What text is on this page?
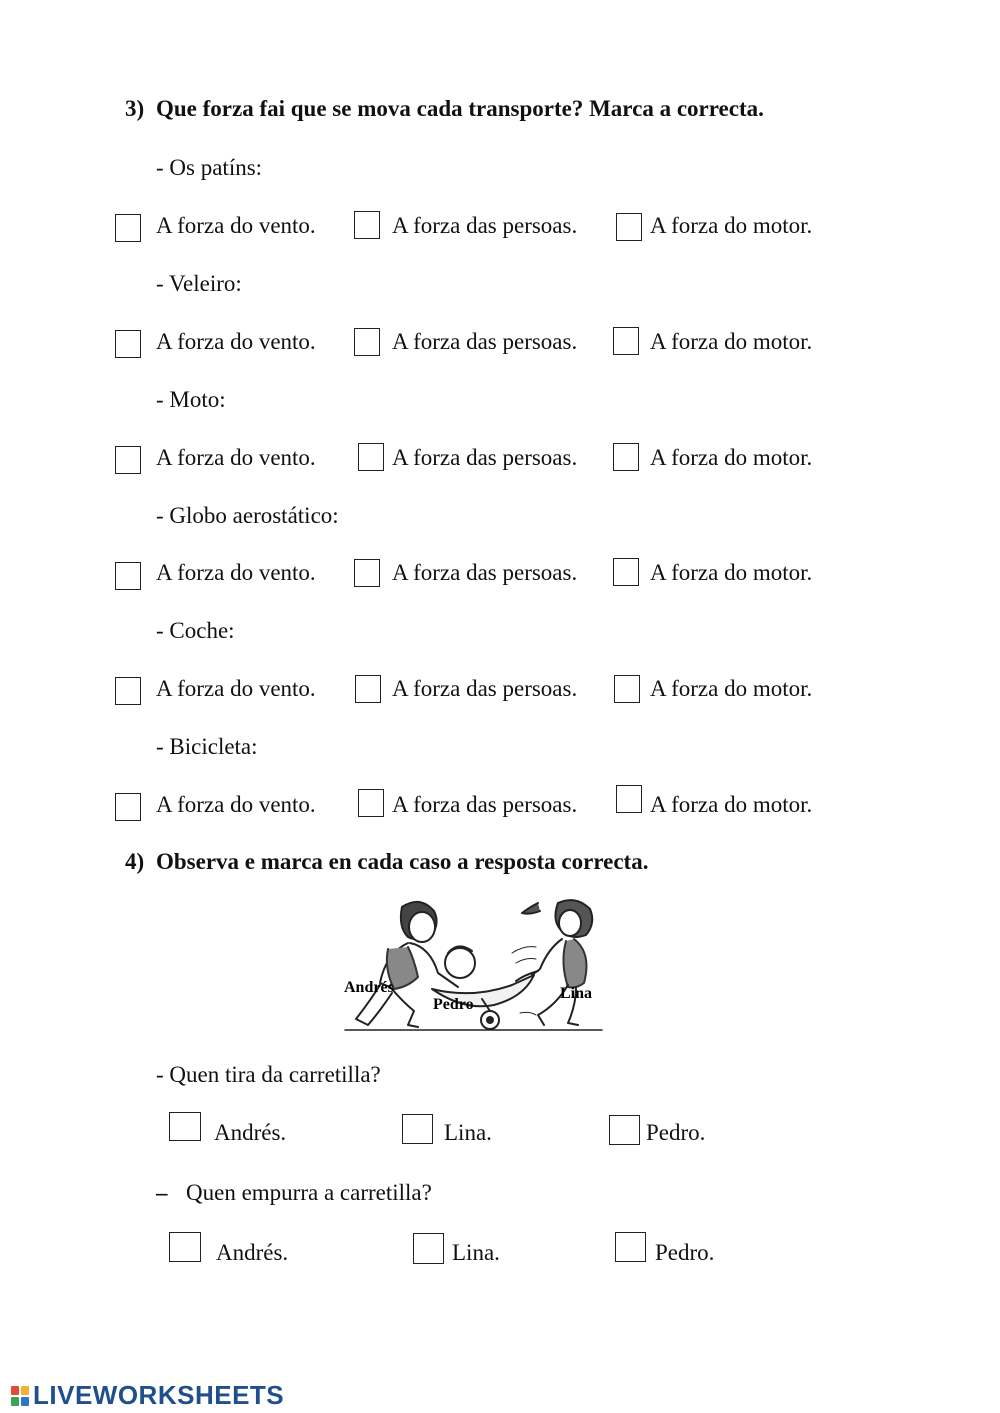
3) Que forza fai que se mova cada transporte? Marca a correcta.
- Os patíns:
A forza do vento.	A forza das persoas.	A forza do motor.
- Veleiro:
A forza do vento.	A forza das persoas.	A forza do motor.
- Moto:
A forza do vento.	A forza das persoas.	A forza do motor.
- Globo aerostático:
A forza do vento.	A forza das persoas.	A forza do motor.
- Coche:
A forza do vento.	A forza das persoas.	A forza do motor.
- Bicicleta:
A forza do vento.	A forza das persoas.	A forza do motor.
4) Observa e marca en cada caso a resposta correcta.
Andrés
Pedro
Lina
- Quen tira da carretilla?
Andrés.	Lina.	Pedro.
– Quen empurra a carretilla?
Andrés.	Lina.	Pedro.
LIVEWORKSHEETS
